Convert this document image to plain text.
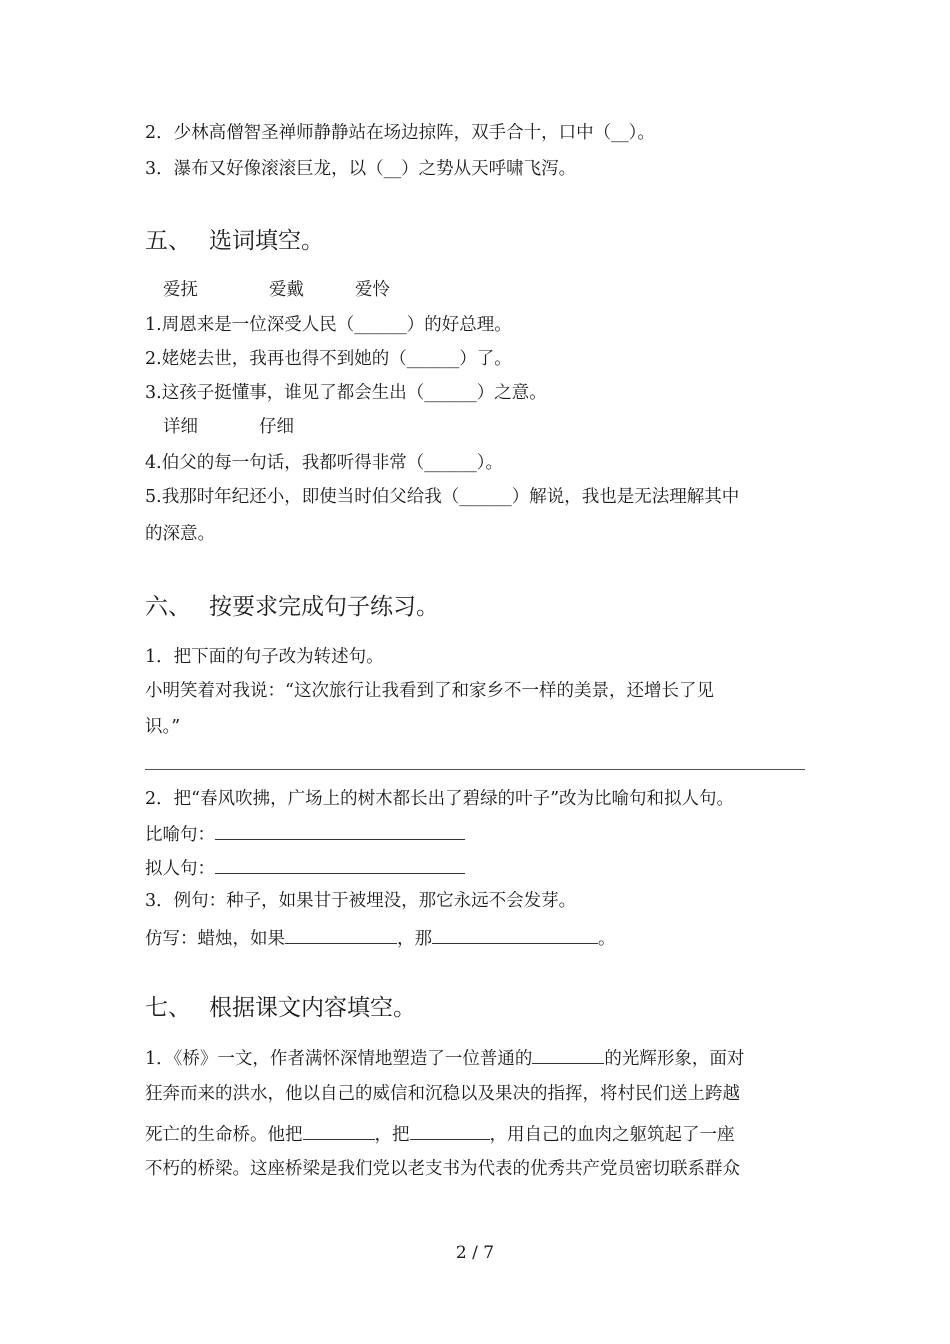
2．少林高僧智圣禅师静静站在场边掠阵，双手合十，口中（__）。
3．瀑布又好像滚滚巨龙，以（__）之势从天呼啸飞泻。
五、 选词填空。
爱抚	爱戴	爱怜
1.周恩来是一位深受人民（______）的好总理。
2.姥姥去世，我再也得不到她的（______）了。
3.这孩子挺懂事，谁见了都会生出（______）之意。
详细	仔细
4.伯父的每一句话，我都听得非常（______）。
5.我那时年纪还小，即使当时伯父给我（______）解说，我也是无法理解其中
的深意。
六、 按要求完成句子练习。
1．把下面的句子改为转述句。
小明笑着对我说：“这次旅行让我看到了和家乡不一样的美景，还增长了见
识。”
2．把“春风吹拂，广场上的树木都长出了碧绿的叶子”改为比喻句和拟人句。
比喻句：
拟人句：
3．例句：种子，如果甘于被埋没，那它永远不会发芽。
仿写：蜡烛，如果	，那	。
七、 根据课文内容填空。
1．《桥》一文，作者满怀深情地塑造了一位普通的	的光辉形象，面对
狂奔而来的洪水，他以自己的威信和沉稳以及果决的指挥，将村民们送上跨越
死亡的生命桥。他把	，把	，用自己的血肉之躯筑起了一座
不朽的桥梁。这座桥梁是我们党以老支书为代表的优秀共产党员密切联系群众
2 / 7
